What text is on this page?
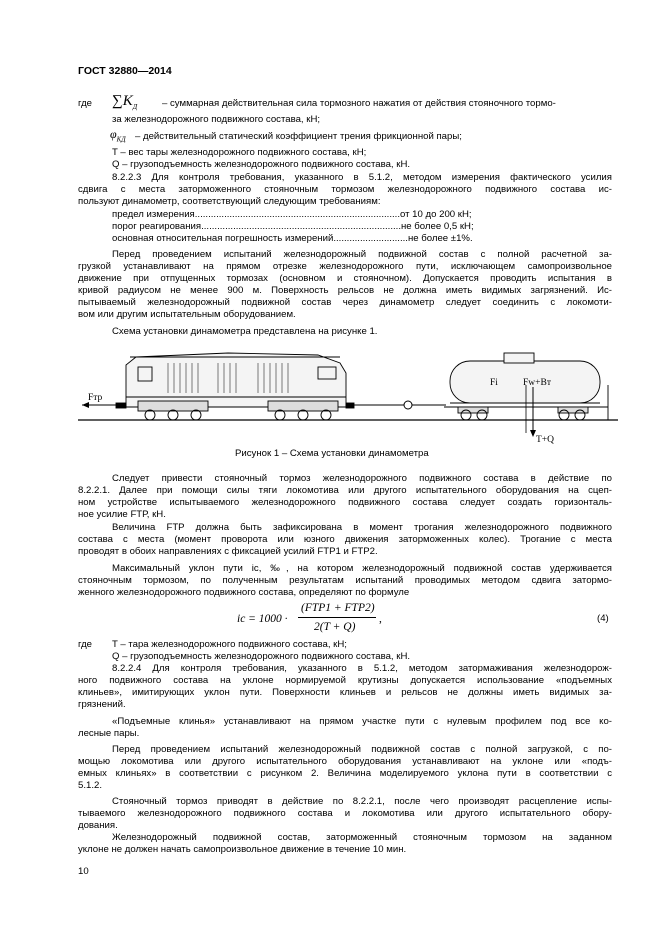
ГОСТ 32880—2014
где $\sum K_Д$	– суммарная действительная сила тормозного нажатия от действия стояночного тормо-
за железнодорожного подвижного состава, кН;
$\varphi_{КД}$ – действительный статический коэффициент трения фрикционной пары;
T – вес тары железнодорожного подвижного состава, кН;
Q – грузоподъемность железнодорожного подвижного состава, кН.
8.2.2.3 Для контроля требования, указанного в 5.1.2, методом измерения фактического усилия
сдвига с места заторможенного стояночным тормозом железнодорожного подвижного состава ис-
пользуют динамометр, соответствующий следующим требованиям:
предел измерения.............................................................................от 10 до 200 кН;
порог реагирования...........................................................................не более 0,5 кН;
основная относительная погрешность измерений............................не более ±1%.
Перед проведением испытаний железнодорожный подвижной состав с полной расчетной за-
грузкой устанавливают на прямом отрезке железнодорожного пути, исключающем самопроизвольное
движение при отпущенных тормозах (основном и стояночном). Допускается проводить испытания в
кривой радиусом не менее 900 м. Поверхность рельсов не должна иметь видимых загрязнений. Ис-
пытываемый железнодорожный подвижной состав через динамометр следует соединить с локомоти-
вом или другим испытательным оборудованием.
Схема установки динамометра представлена на рисунке 1.
Fтр
Fi	Fw+Bт
T+Q
Рисунок 1 – Схема установки динамометра
Следует привести стояночный тормоз железнодорожного подвижного состава в действие по
8.2.2.1. Далее при помощи силы тяги локомотива или другого испытательного оборудования на сцеп-
ном устройстве испытываемого железнодорожного подвижного состава следует создать горизонталь-
ное усилие FТР, кН.
Величина FТР должна быть зафиксирована в момент трогания железнодорожного подвижного
состава с места (момент проворота или юзного движения заторможенных колес). Трогание с места
проводят в обоих направлениях с фиксацией усилий FТР1 и FТР2.
Максимальный уклон пути iс, ‰, на котором железнодорожный подвижной состав удерживается
стояночным тормозом, по полученным результатам испытаний проводимых методом сдвига затормо-
женного железнодорожного подвижного состава, определяют по формуле
ic = 1000 ·
(FТР1 + FТР2)
2(T + Q)
,	(4)
где T – тара железнодорожного подвижного состава, кН;
Q – грузоподъемность железнодорожного подвижного состава, кН.
8.2.2.4 Для контроля требования, указанного в 5.1.2, методом затормаживания железнодорож-
ного подвижного состава на уклоне нормируемой крутизны допускается использование «подъемных
клиньев», имитирующих уклон пути. Поверхности клиньев и рельсов не должны иметь видимых за-
грязнений.
«Подъемные клинья» устанавливают на прямом участке пути с нулевым профилем под все ко-
лесные пары.
Перед проведением испытаний железнодорожный подвижной состав с полной загрузкой, с по-
мощью локомотива или другого испытательного оборудования устанавливают на уклоне или «подъ-
емных клиньях» в соответствии с рисунком 2. Величина моделируемого уклона пути в соответствии с
5.1.2.
Стояночный тормоз приводят в действие по 8.2.2.1, после чего производят расцепление испы-
тываемого железнодорожного подвижного состава и локомотива или другого испытательного обору-
дования.
Железнодорожный подвижной состав, заторможенный стояночным тормозом на заданном
уклоне не должен начать самопроизвольное движение в течение 10 мин.
10
